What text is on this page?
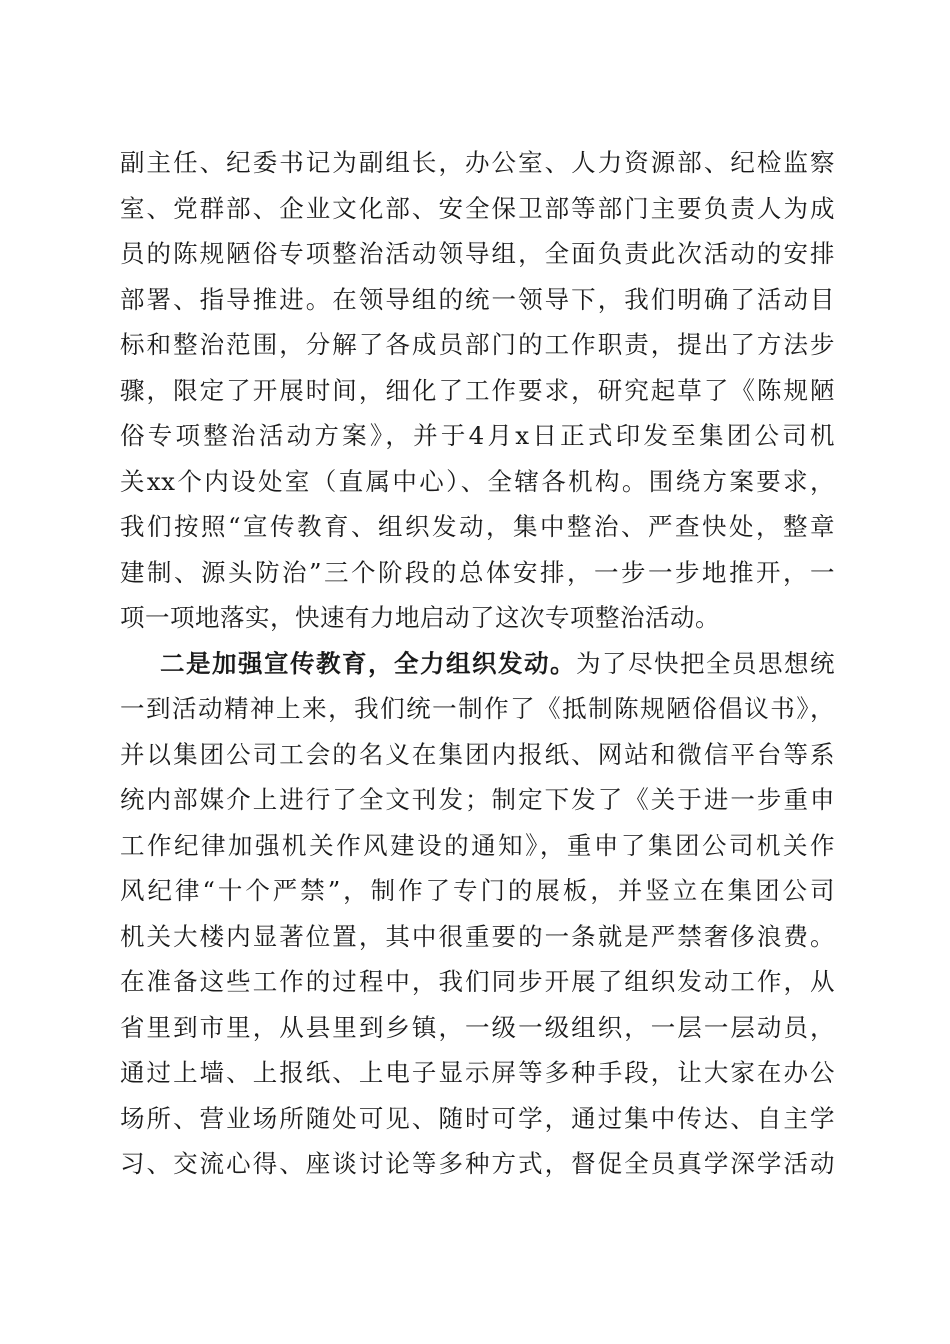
副主任、纪委书记为副组长，办公室、人力资源部、纪检监察
室、党群部、企业文化部、安全保卫部等部门主要负责人为成
员的陈规陋俗专项整治活动领导组，全面负责此次活动的安排
部署、指导推进。在领导组的统一领导下，我们明确了活动目
标和整治范围，分解了各成员部门的工作职责，提出了方法步
骤，限定了开展时间，细化了工作要求，研究起草了《陈规陋
俗专项整治活动方案》，并于4月x日正式印发至集团公司机
关xx个内设处室（直属中心）、全辖各机构。围绕方案要求，
我们按照“宣传教育、组织发动，集中整治、严查快处，整章
建制、源头防治”三个阶段的总体安排，一步一步地推开，一
项一项地落实，快速有力地启动了这次专项整治活动。
二是加强宣传教育，全力组织发动。为了尽快把全员思想统
一到活动精神上来，我们统一制作了《抵制陈规陋俗倡议书》，
并以集团公司工会的名义在集团内报纸、网站和微信平台等系
统内部媒介上进行了全文刊发；制定下发了《关于进一步重申
工作纪律加强机关作风建设的通知》，重申了集团公司机关作
风纪律“十个严禁”，制作了专门的展板，并竖立在集团公司
机关大楼内显著位置，其中很重要的一条就是严禁奢侈浪费。
在准备这些工作的过程中，我们同步开展了组织发动工作，从
省里到市里，从县里到乡镇，一级一级组织，一层一层动员，
通过上墙、上报纸、上电子显示屏等多种手段，让大家在办公
场所、营业场所随处可见、随时可学，通过集中传达、自主学
习、交流心得、座谈讨论等多种方式，督促全员真学深学活动
